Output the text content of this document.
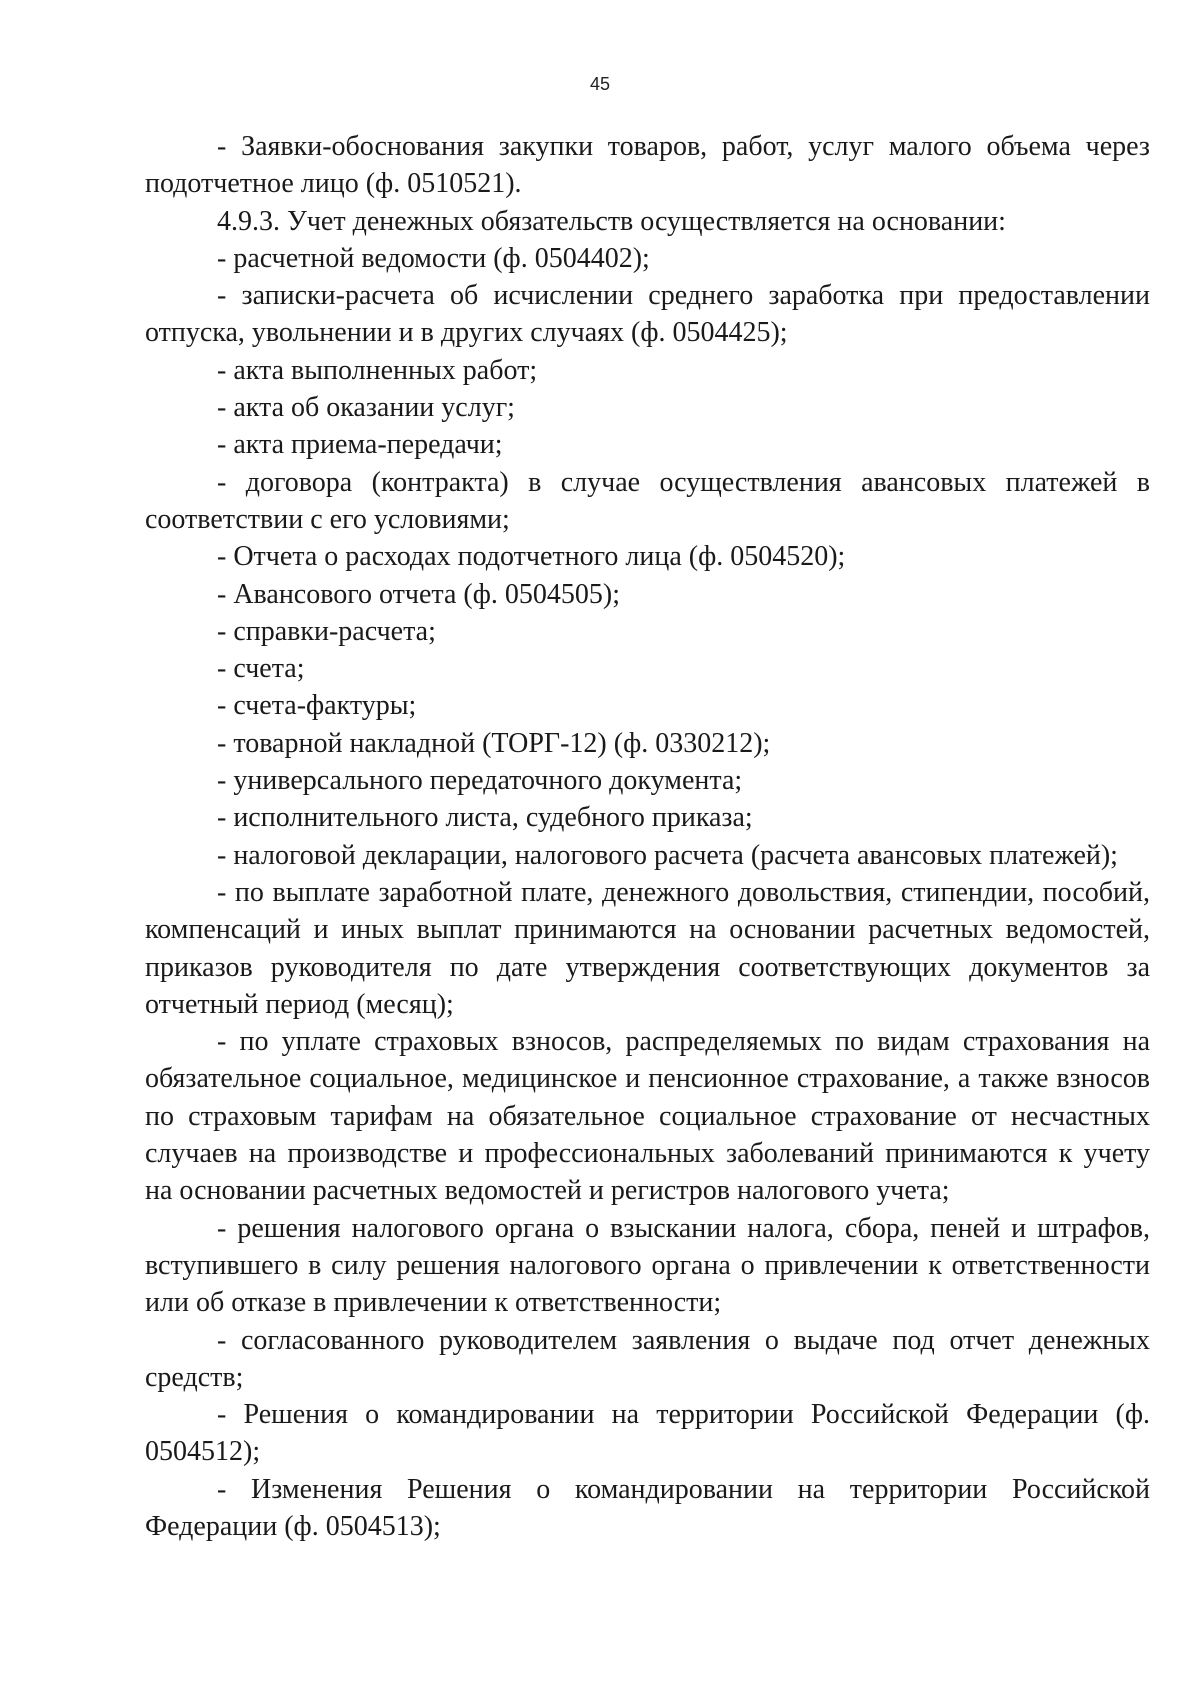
45

- Заявки-обоснования закупки товаров, работ, услуг малого объема через подотчетное лицо (ф. 0510521).

4.9.3. Учет денежных обязательств осуществляется на основании:

- расчетной ведомости (ф. 0504402);

- записки-расчета об исчислении среднего заработка при предоставлении отпуска, увольнении и в других случаях (ф. 0504425);

- акта выполненных работ;

- акта об оказании услуг;

- акта приема-передачи;

- договора (контракта) в случае осуществления авансовых платежей в соответствии с его условиями;

- Отчета о расходах подотчетного лица (ф. 0504520);

- Авансового отчета (ф. 0504505);

- справки-расчета;

- счета;

- счета-фактуры;

- товарной накладной (ТОРГ-12) (ф. 0330212);

- универсального передаточного документа;

- исполнительного листа, судебного приказа;

- налоговой декларации, налогового расчета (расчета авансовых платежей);

- по выплате заработной плате, денежного довольствия, стипендии, пособий, компенсаций и иных выплат принимаются на основании расчетных ведомостей, приказов руководителя по дате утверждения соответствующих документов за отчетный период (месяц);

- по уплате страховых взносов, распределяемых по видам страхования на обязательное социальное, медицинское и пенсионное страхование, а также взносов по страховым тарифам на обязательное социальное страхование от несчастных случаев на производстве и профессиональных заболеваний принимаются к учету на основании расчетных ведомостей и регистров налогового учета;

- решения налогового органа о взыскании налога, сбора, пеней и штрафов, вступившего в силу решения налогового органа о привлечении к ответственности или об отказе в привлечении к ответственности;

- согласованного руководителем заявления о выдаче под отчет денежных средств;

- Решения о командировании на территории Российской Федерации (ф. 0504512);

- Изменения Решения о командировании на территории Российской Федерации (ф. 0504513);
